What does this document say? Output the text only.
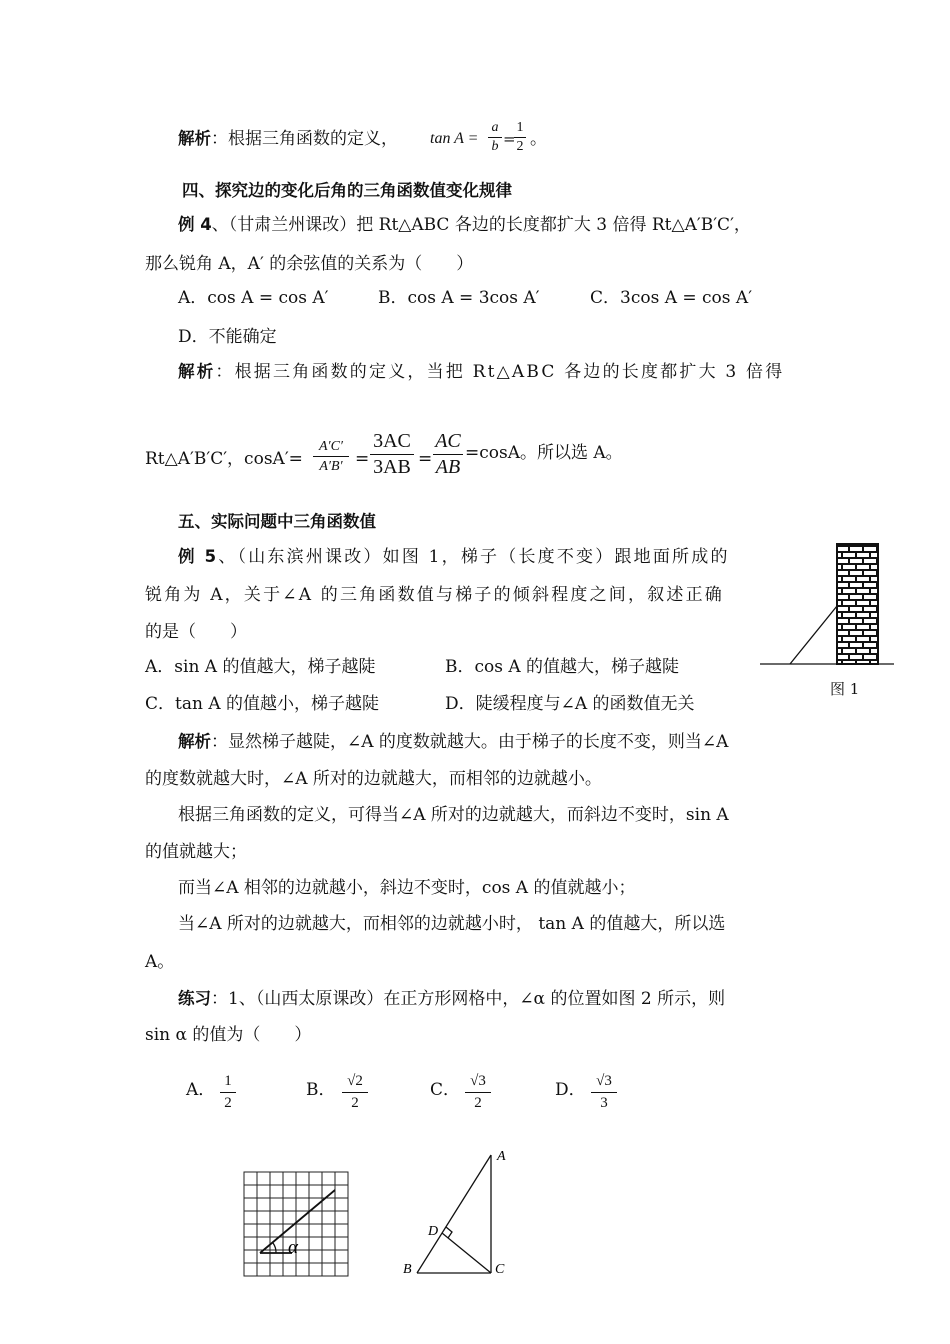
解析：根据三角函数的定义， tan A =
a
b =
1
2 。
四、探究边的变化后角的三角函数值变化规律
例 4、（甘肃兰州课改）把 Rt△ABC 各边的长度都扩大 3 倍得 Rt△A′B′C′，
那么锐角 A，A′ 的余弦值的关系为（　　）
A．cos A = cos A′	B．cos A = 3cos A′	C．3cos A = cos A′
D．不能确定
解析：根据三角函数的定义，当把 Rt△ABC 各边的长度都扩大 3 倍得
Rt△A′B′C′，cosA′=
A′C′
A′B′ =
3AC
3AB =
AC
AB
=cosA。所以选 A。
五、实际问题中三角函数值
例 5、（山东滨州课改）如图 1，梯子（长度不变）跟地面所成的
锐角为 A，关于∠A 的三角函数值与梯子的倾斜程度之间，叙述正确
的是（　　）
A．sin A 的值越大，梯子越陡	B．cos A 的值越大，梯子越陡
C．tan A 的值越小，梯子越陡	D．陡缓程度与∠A 的函数值无关
图 1
解析：显然梯子越陡，∠A 的度数就越大。由于梯子的长度不变，则当∠A
的度数就越大时，∠A 所对的边就越大，而相邻的边就越小。
根据三角函数的定义，可得当∠A 所对的边就越大，而斜边不变时，sin A
的值就越大；
而当∠A 相邻的边就越小，斜边不变时，cos A 的值就越小；
当∠A 所对的边就越大，而相邻的边就越小时， tan A 的值越大，所以选
A。
练习：1、（山西太原课改）在正方形网格中，∠α 的位置如图 2 所示，则
sin α 的值为（　　）
A． 1
2
B． √2
2
C． √3
2
D． √3
3
α
A
B	C
D
